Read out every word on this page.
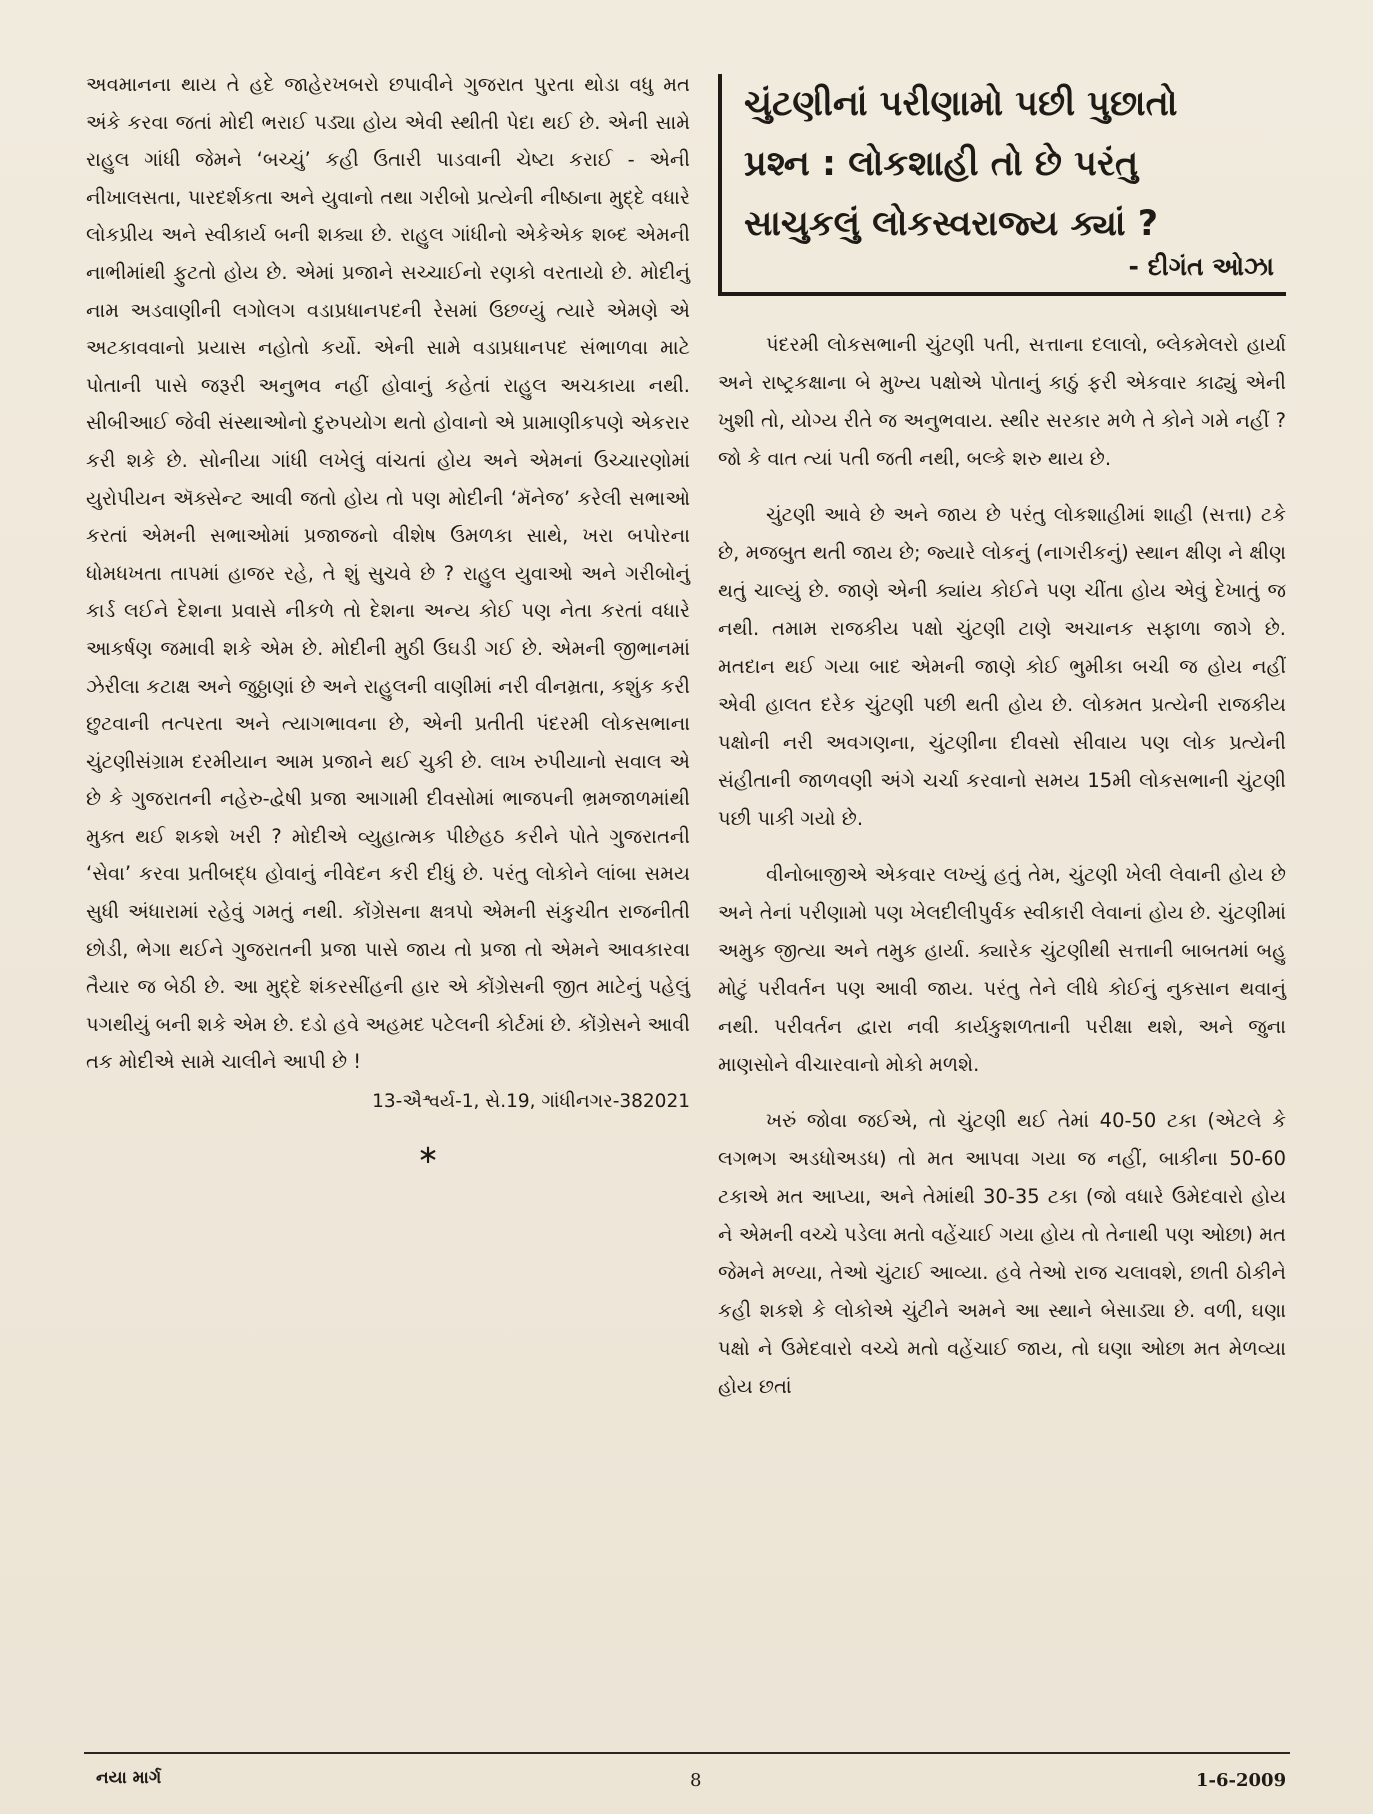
અવમાનના થાય તે હદે જાહેરખબરો છપાવીને ગુજરાત પુરતા થોડા વધુ મત અંકે કરવા જતાં મોદી ભરાઈ પડ્યા હોય એવી સ્થીતી પેદા થઈ છે. એની સામે રાહુલ ગાંધી જેમને ‘બચ્ચું’ કહી ઉતારી પાડવાની ચેષ્ટા કરાઈ - એની નીખાલસતા, પારદર્શકતા અને યુવાનો તથા ગરીબો પ્રત્યેની નીષ્ઠાના મુદ્દે વધારે લોકપ્રીય અને સ્વીકાર્ય બની શક્યા છે. રાહુલ ગાંધીનો એકેએક શબ્દ એમની નાભીમાંથી ફુટતો હોય છે. એમાં પ્રજાને સચ્ચાઈનો રણકો વરતાયો છે. મોદીનું નામ અડવાણીની લગોલગ વડાપ્રધાનપદની રેસમાં ઉછળ્યું ત્યારે એમણે એ અટકાવવાનો પ્રયાસ નહોતો કર્યો. એની સામે વડાપ્રધાનપદ સંભાળવા માટે પોતાની પાસે જરૂરી અનુભવ નહીં હોવાનું કહેતાં રાહુલ અચકાયા નથી. સીબીઆઈ જેવી સંસ્થાઓનો દુરુપયોગ થતો હોવાનો એ પ્રામાણીકપણે એકરાર કરી શકે છે. સોનીયા ગાંધી લખેલું વાંચતાં હોય અને એમનાં ઉચ્ચારણોમાં યુરોપીયન ઍક્સેન્ટ આવી જતો હોય તો પણ મોદીની ‘મૅનેજ’ કરેલી સભાઓ કરતાં એમની સભાઓમાં પ્રજાજનો વીશેષ ઉમળકા સાથે, ખરા બપોરના ધોમધખતા તાપમાં હાજર રહે, તે શું સુચવે છે ? રાહુલ યુવાઓ અને ગરીબોનું કાર્ડ લઈને દેશના પ્રવાસે નીકળે તો દેશના અન્ય કોઈ પણ નેતા કરતાં વધારે આકર્ષણ જમાવી શકે એમ છે. મોદીની મુઠી ઉઘડી ગઈ છે. એમની જીભાનમાં ઝેરીલા કટાક્ષ અને જુઠ્ઠાણાં છે અને રાહુલની વાણીમાં નરી વીનમ્રતા, કશુંક કરી છુટવાની તત્પરતા અને ત્યાગભાવના છે, એની પ્રતીતી પંદરમી લોકસભાના ચુંટણીસંગ્રામ દરમીયાન આમ પ્રજાને થઈ ચુકી છે. લાખ રુપીયાનો સવાલ એ છે કે ગુજરાતની નહેરુ-દ્વેષી પ્રજા આગામી દીવસોમાં ભાજપની ભ્રમજાળમાંથી મુક્ત થઈ શકશે ખરી ? મોદીએ વ્યુહાત્મક પીછેહઠ કરીને પોતે ગુજરાતની ‘સેવા’ કરવા પ્રતીબદ્ધ હોવાનું નીવેદન કરી દીધું છે. પરંતુ લોકોને લાંબા સમય સુધી અંધારામાં રહેવું ગમતું નથી. કોંગ્રેસના ક્ષત્રપો એમની સંકુચીત રાજનીતી છોડી, ભેગા થઈને ગુજરાતની પ્રજા પાસે જાય તો પ્રજા તો એમને આવકારવા તૈયાર જ બેઠી છે. આ મુદ્દે શંકરસીંહની હાર એ કોંગ્રેસની જીત માટેનું પહેલું પગથીયું બની શકે એમ છે. દડો હવે અહમદ પટેલની કોર્ટમાં છે. કોંગ્રેસને આવી તક મોદીએ સામે ચાલીને આપી છે !

13-ઐશ્વર્ય-1, સે.19, ગાંધીનગર-382021
∗
ચુંટણીનાં પરીણામો પછી પુછાતો
પ્રશ્ન : લોકશાહી તો છે પરંતુ
સાચુકલું લોકસ્વરાજ્ય ક્યાં ?
- દીગંત ઓઝા

પંદરમી લોકસભાની ચુંટણી પતી, સત્તાના દલાલો, બ્લેકમેલરો હાર્યા અને રાષ્ટ્રકક્ષાના બે મુખ્ય પક્ષોએ પોતાનું કાઠું ફરી એકવાર કાઢ્યું એની ખુશી તો, યોગ્ય રીતે જ અનુભવાય. સ્થીર સરકાર મળે તે કોને ગમે નહીં ? જો કે વાત ત્યાં પતી જતી નથી, બલ્કે શરુ થાય છે.

ચુંટણી આવે છે અને જાય છે પરંતુ લોકશાહીમાં શાહી (સત્તા) ટકે છે, મજબુત થતી જાય છે; જ્યારે લોકનું (નાગરીકનું) સ્થાન ક્ષીણ ને ક્ષીણ થતું ચાલ્યું છે. જાણે એની ક્યાંય કોઈને પણ ચીંતા હોય એવું દેખાતું જ નથી. તમામ રાજકીય પક્ષો ચુંટણી ટાણે અચાનક સફાળા જાગે છે. મતદાન થઈ ગયા બાદ એમની જાણે કોઈ ભુમીકા બચી જ હોય નહીં એવી હાલત દરેક ચુંટણી પછી થતી હોય છે. લોકમત પ્રત્યેની રાજકીય પક્ષોની નરી અવગણના, ચુંટણીના દીવસો સીવાય પણ લોક પ્રત્યેની સંહીતાની જાળવણી અંગે ચર્ચા કરવાનો સમય 15મી લોકસભાની ચુંટણી પછી પાકી ગયો છે.

વીનોબાજીએ એકવાર લખ્યું હતું તેમ, ચુંટણી ખેલી લેવાની હોય છે અને તેનાં પરીણામો પણ ખેલદીલીપુર્વક સ્વીકારી લેવાનાં હોય છે. ચુંટણીમાં અમુક જીત્યા અને તમુક હાર્યા. ક્યારેક ચુંટણીથી સત્તાની બાબતમાં બહુ મોટું પરીવર્તન પણ આવી જાય. પરંતુ તેને લીધે કોઈનું નુકસાન થવાનું નથી. પરીવર્તન દ્વારા નવી કાર્યકુશળતાની પરીક્ષા થશે, અને જુના માણસોને વીચારવાનો મોકો મળશે.

ખરું જોવા જઈએ, તો ચુંટણી થઈ તેમાં 40-50 ટકા (એટલે કે લગભગ અડધોઅડધ) તો મત આપવા ગયા જ નહીં, બાકીના 50-60 ટકાએ મત આપ્યા, અને તેમાંથી 30-35 ટકા (જો વધારે ઉમેદવારો હોય ને એમની વચ્ચે પડેલા મતો વહેંચાઈ ગયા હોય તો તેનાથી પણ ઓછા) મત જેમને મળ્યા, તેઓ ચુંટાઈ આવ્યા. હવે તેઓ રાજ ચલાવશે, છાતી ઠોકીને કહી શકશે કે લોકોએ ચુંટીને અમને આ સ્થાને બેસાડ્યા છે. વળી, ઘણા પક્ષો ને ઉમેદવારો વચ્ચે મતો વહેંચાઈ જાય, તો ઘણા ઓછા મત મેળવ્યા હોય છતાં

નયા માર્ગ	8	1-6-2009
